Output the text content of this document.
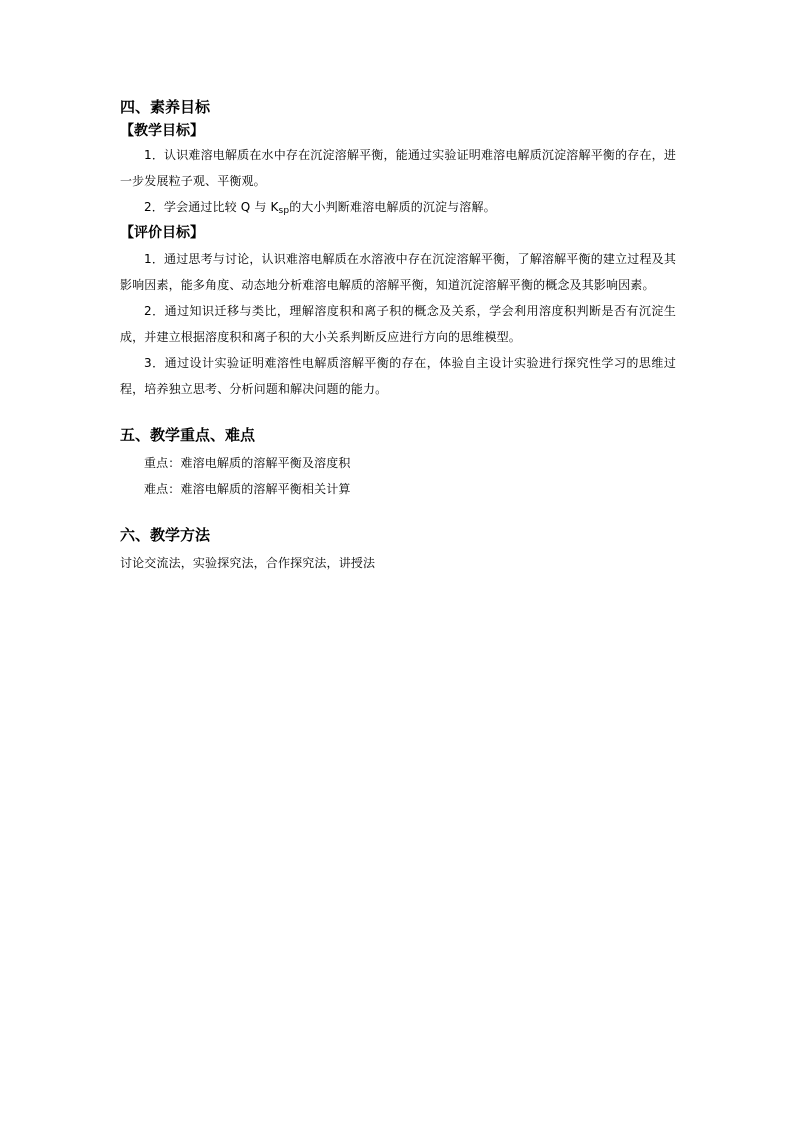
四、素养目标
【教学目标】

1．认识难溶电解质在水中存在沉淀溶解平衡，能通过实验证明难溶电解质沉淀溶解平衡的存在，进一步发展粒子观、平衡观。

2．学会通过比较 Q 与 $K_{sp}$的大小判断难溶电解质的沉淀与溶解。

【评价目标】

1．通过思考与讨论，认识难溶电解质在水溶液中存在沉淀溶解平衡，了解溶解平衡的建立过程及其影响因素，能多角度、动态地分析难溶电解质的溶解平衡，知道沉淀溶解平衡的概念及其影响因素。

2．通过知识迁移与类比，理解溶度积和离子积的概念及关系，学会利用溶度积判断是否有沉淀生成，并建立根据溶度积和离子积的大小关系判断反应进行方向的思维模型。

3．通过设计实验证明难溶性电解质溶解平衡的存在，体验自主设计实验进行探究性学习的思维过程，培养独立思考、分析问题和解决问题的能力。

五、教学重点、难点

重点：难溶电解质的溶解平衡及溶度积

难点：难溶电解质的溶解平衡相关计算

六、教学方法

讨论交流法，实验探究法，合作探究法，讲授法
